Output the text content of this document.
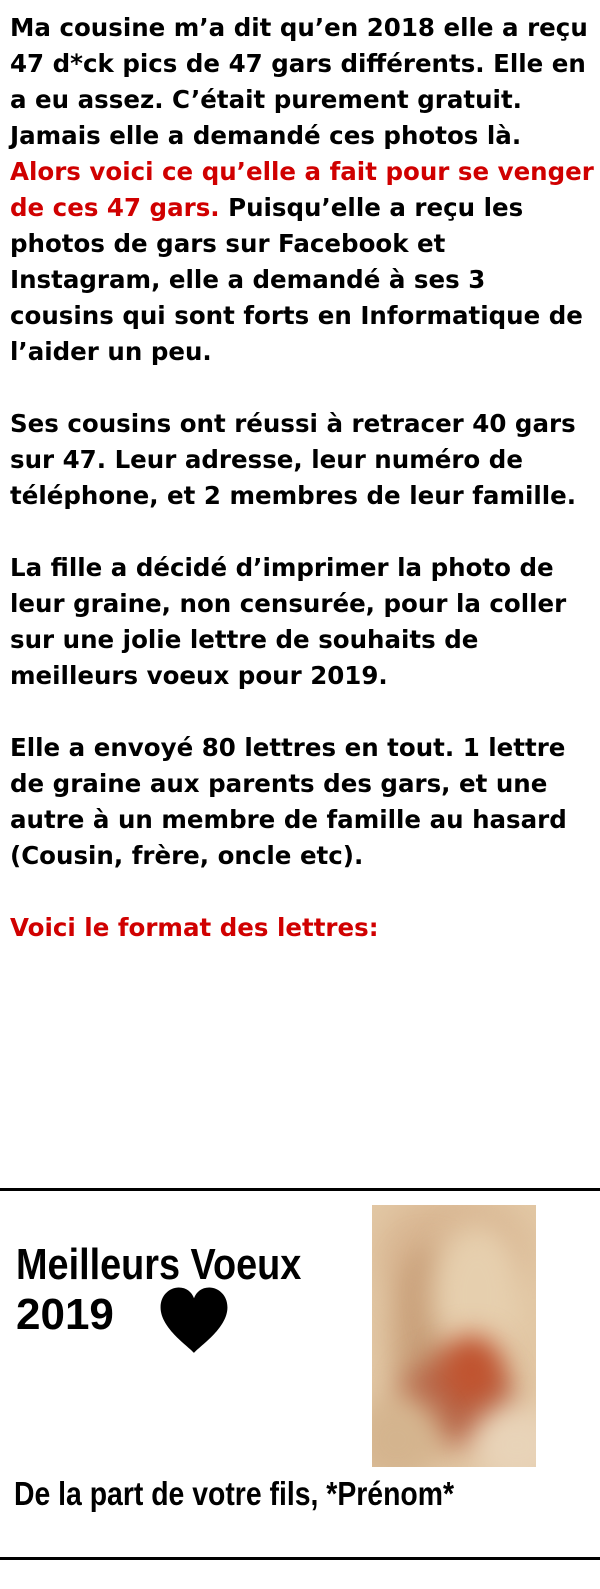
Ma cousine m’a dit qu’en 2018 elle a reçu 47 d*ck pics de 47 gars différents. Elle en a eu assez. C’était purement gratuit. Jamais elle a demandé ces photos là. Alors voici ce qu’elle a fait pour se venger de ces 47 gars. Puisqu’elle a reçu les photos de gars sur Facebook et Instagram, elle a demandé à ses 3 cousins qui sont forts en Informatique de l’aider un peu.

Ses cousins ont réussi à retracer 40 gars sur 47. Leur adresse, leur numéro de téléphone, et 2 membres de leur famille.

La fille a décidé d’imprimer la photo de leur graine, non censurée, pour la coller sur une jolie lettre de souhaits de meilleurs voeux pour 2019.

Elle a envoyé 80 lettres en tout. 1 lettre de graine aux parents des gars, et une autre à un membre de famille au hasard (Cousin, frère, oncle etc).

Voici le format des lettres:

Meilleurs Voeux
2019
De la part de votre fils, *Prénom*
